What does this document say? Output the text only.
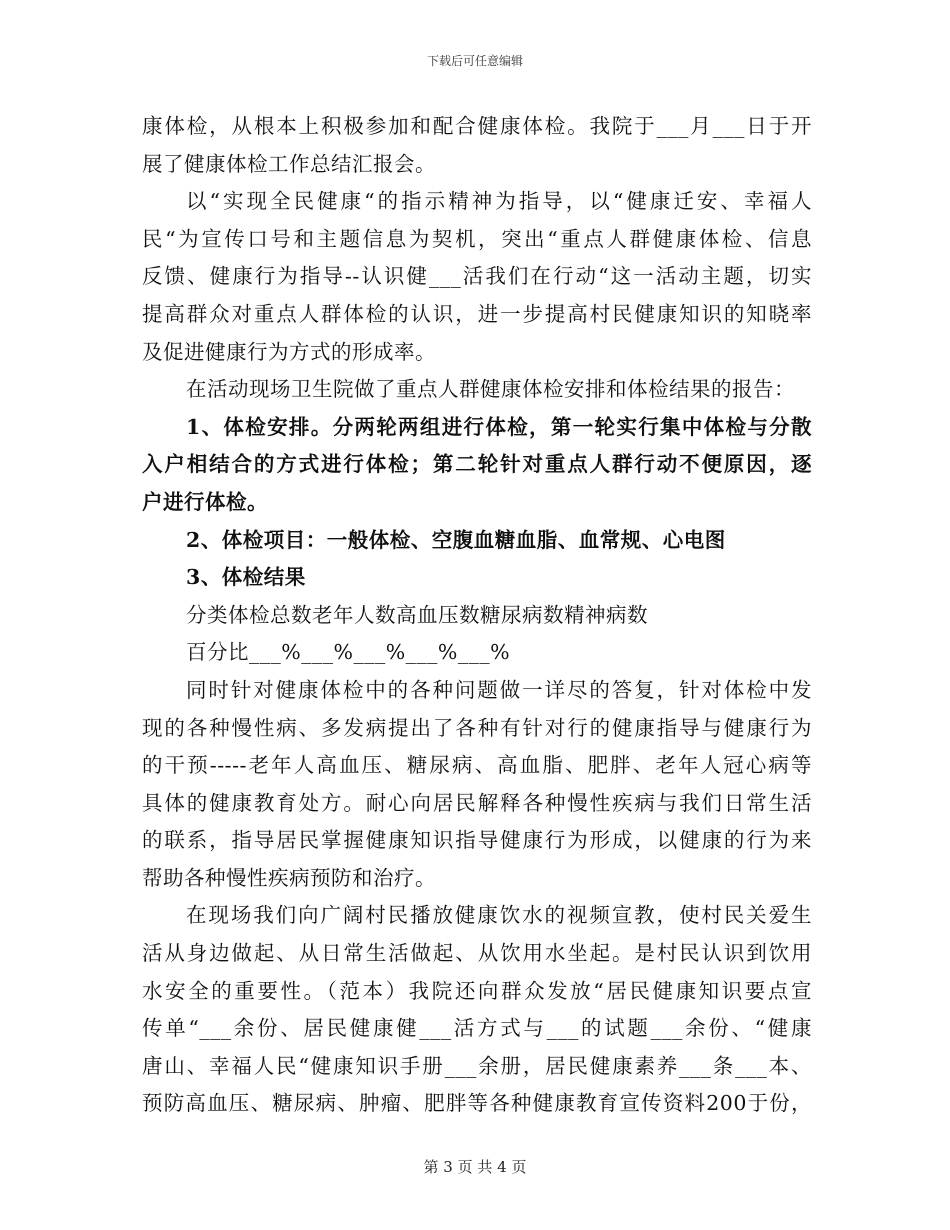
下载后可任意编辑
康体检，从根本上积极参加和配合健康体检。我院于___月___日于开
展了健康体检工作总结汇报会。
以“实现全民健康“的指示精神为指导，以“健康迁安、幸福人
民“为宣传口号和主题信息为契机，突出“重点人群健康体检、信息
反馈、健康行为指导--认识健___活我们在行动“这一活动主题，切实
提高群众对重点人群体检的认识，进一步提高村民健康知识的知晓率
及促进健康行为方式的形成率。
在活动现场卫生院做了重点人群健康体检安排和体检结果的报告：
1、体检安排。分两轮两组进行体检，第一轮实行集中体检与分散
入户相结合的方式进行体检；第二轮针对重点人群行动不便原因，逐
户进行体检。
2、体检项目：一般体检、空腹血糖血脂、血常规、心电图
3、体检结果
分类体检总数老年人数高血压数糖尿病数精神病数
百分比___%___%___%___%___%
同时针对健康体检中的各种问题做一详尽的答复，针对体检中发
现的各种慢性病、多发病提出了各种有针对行的健康指导与健康行为
的干预-----老年人高血压、糖尿病、高血脂、肥胖、老年人冠心病等
具体的健康教育处方。耐心向居民解释各种慢性疾病与我们日常生活
的联系，指导居民掌握健康知识指导健康行为形成，以健康的行为来
帮助各种慢性疾病预防和治疗。
在现场我们向广阔村民播放健康饮水的视频宣教，使村民关爱生
活从身边做起、从日常生活做起、从饮用水坐起。是村民认识到饮用
水安全的重要性。（范本）我院还向群众发放“居民健康知识要点宣
传单“___余份、居民健康健___活方式与___的试题___余份、“健康
唐山、幸福人民“健康知识手册___余册，居民健康素养___条___本、
预防高血压、糖尿病、肿瘤、肥胖等各种健康教育宣传资料200于份，
第 3 页 共 4 页
